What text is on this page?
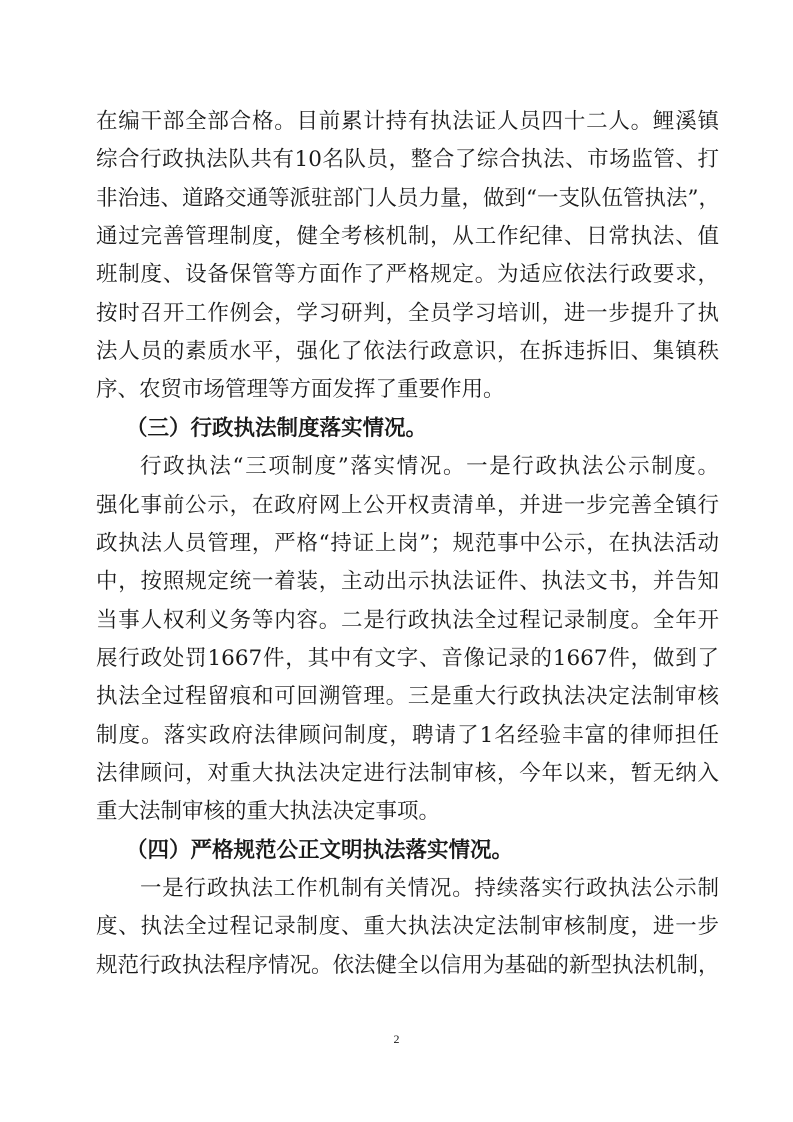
在编干部全部合格。目前累计持有执法证人员四十二人。鲤溪镇
综合行政执法队共有10名队员，整合了综合执法、市场监管、打
非治违、道路交通等派驻部门人员力量，做到“一支队伍管执法”，
通过完善管理制度，健全考核机制，从工作纪律、日常执法、值
班制度、设备保管等方面作了严格规定。为适应依法行政要求，
按时召开工作例会，学习研判，全员学习培训，进一步提升了执
法人员的素质水平，强化了依法行政意识，在拆违拆旧、集镇秩
序、农贸市场管理等方面发挥了重要作用。
（三）行政执法制度落实情况。
行政执法“三项制度”落实情况。一是行政执法公示制度。
强化事前公示，在政府网上公开权责清单，并进一步完善全镇行
政执法人员管理，严格“持证上岗”；规范事中公示，在执法活动
中，按照规定统一着装，主动出示执法证件、执法文书，并告知
当事人权利义务等内容。二是行政执法全过程记录制度。全年开
展行政处罚1667件，其中有文字、音像记录的1667件，做到了
执法全过程留痕和可回溯管理。三是重大行政执法决定法制审核
制度。落实政府法律顾问制度，聘请了1名经验丰富的律师担任
法律顾问，对重大执法决定进行法制审核，今年以来，暂无纳入
重大法制审核的重大执法决定事项。
（四）严格规范公正文明执法落实情况。
一是行政执法工作机制有关情况。持续落实行政执法公示制
度、执法全过程记录制度、重大执法决定法制审核制度，进一步
规范行政执法程序情况。依法健全以信用为基础的新型执法机制，
2
